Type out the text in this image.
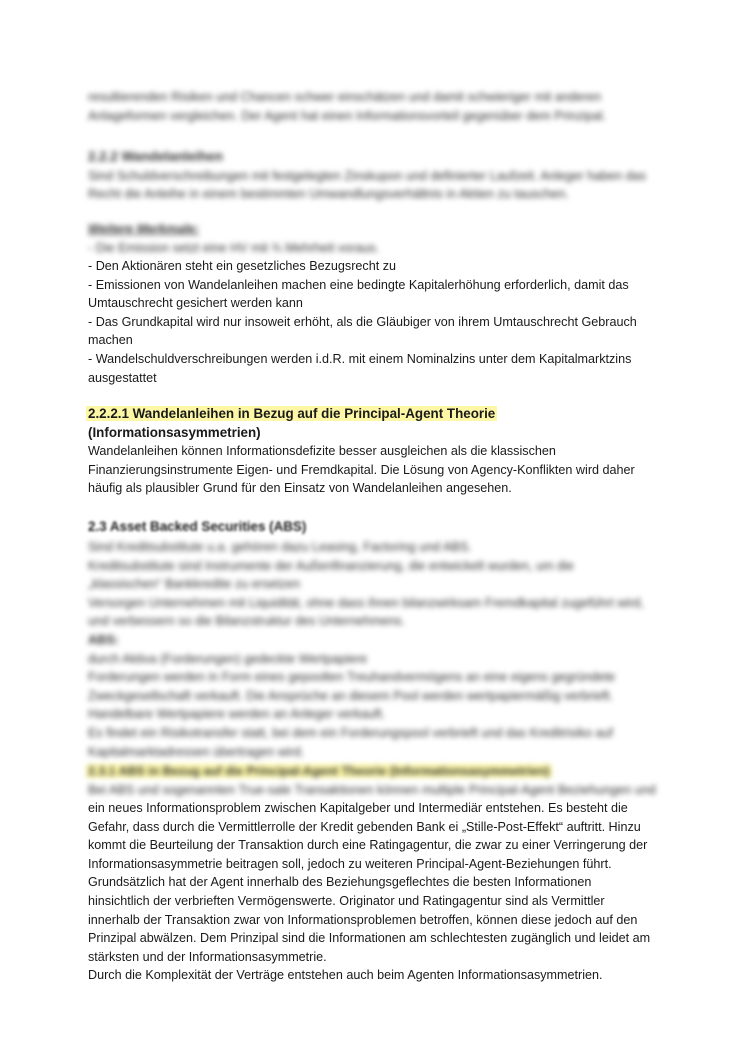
resultierenden Risiken und Chancen schwer einschätzen und damit schwieriger mit anderen
Anlageformen vergleichen. Der Agent hat einen Informationsvorteil gegenüber dem Prinzipal.
2.2.2 Wandelanleihen
Sind Schuldverschreibungen mit festgelegten Zinskupon und definierter Laufzeit. Anleger haben das
Recht die Anleihe in einem bestimmten Umwandlungsverhältnis in Aktien zu tauschen.
Weitere Merkmale:
- Die Emission setzt eine HV mit ¾ Mehrheit voraus.
- Den Aktionären steht ein gesetzliches Bezugsrecht zu
- Emissionen von Wandelanleihen machen eine bedingte Kapitalerhöhung erforderlich, damit das
Umtauschrecht gesichert werden kann
- Das Grundkapital wird nur insoweit erhöht, als die Gläubiger von ihrem Umtauschrecht Gebrauch
machen
- Wandelschuldverschreibungen werden i.d.R. mit einem Nominalzins unter dem Kapitalmarktzins
ausgestattet
2.2.2.1 Wandelanleihen in Bezug auf die Principal-Agent Theorie
(Informationsasymmetrien)
Wandelanleihen können Informationsdefizite besser ausgleichen als die klassischen
Finanzierungsinstrumente Eigen- und Fremdkapital. Die Lösung von Agency-Konflikten wird daher
häufig als plausibler Grund für den Einsatz von Wandelanleihen angesehen.
2.3 Asset Backed Securities (ABS)
Sind Kreditsubstitute u.a. gehören dazu Leasing, Factoring und ABS.
Kreditsubstitute sind Instrumente der Außenfinanzierung, die entwickelt wurden, um die
„klassischen“ Bankkredite zu ersetzen
Versorgen Unternehmen mit Liquidität, ohne dass ihnen bilanzwirksam Fremdkapital zugeführt wird,
und verbessern so die Bilanzstruktur des Unternehmens.
ABS:
durch Aktiva (Forderungen) gedeckte Wertpapiere
Forderungen werden in Form eines gepoolten Treuhandvermögens an eine eigens gegründete
Zweckgesellschaft verkauft. Die Ansprüche an diesem Pool werden wertpapiermäßig verbrieft.
Handelbare Wertpapiere werden an Anleger verkauft.
Es findet ein Risikotransfer statt, bei dem ein Forderungspool verbrieft und das Kreditrisiko auf
Kapitalmarktadressen übertragen wird.
2.3.1 ABS in Bezug auf die Principal-Agent Theorie (Informationsasymmetrien)
Bei ABS und sogenannten True-sale Transaktionen können multiple Principal-Agent Beziehungen und
ein neues Informationsproblem zwischen Kapitalgeber und Intermediär entstehen. Es besteht die
Gefahr, dass durch die Vermittlerrolle der Kredit gebenden Bank ei „Stille-Post-Effekt“ auftritt. Hinzu
kommt die Beurteilung der Transaktion durch eine Ratingagentur, die zwar zu einer Verringerung der
Informationsasymmetrie beitragen soll, jedoch zu weiteren Principal-Agent-Beziehungen führt.
Grundsätzlich hat der Agent innerhalb des Beziehungsgeflechtes die besten Informationen
hinsichtlich der verbrieften Vermögenswerte. Originator und Ratingagentur sind als Vermittler
innerhalb der Transaktion zwar von Informationsproblemen betroffen, können diese jedoch auf den
Prinzipal abwälzen. Dem Prinzipal sind die Informationen am schlechtesten zugänglich und leidet am
stärksten und der Informationsasymmetrie.
Durch die Komplexität der Verträge entstehen auch beim Agenten Informationsasymmetrien.
